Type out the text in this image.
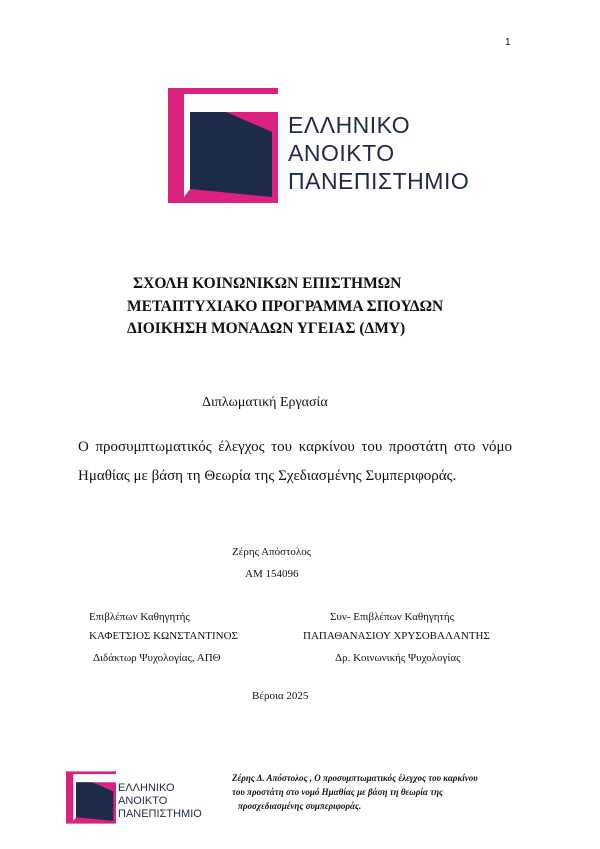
1
ΕΛΛΗΝΙΚΟ
ΑΝΟΙΚΤΟ
ΠΑΝΕΠΙΣΤΗΜΙΟ
ΣΧΟΛΗ ΚΟΙΝΩΝΙΚΩΝ ΕΠΙΣΤΗΜΩΝ
ΜΕΤΑΠΤΥΧΙΑΚΟ ΠΡΟΓΡΑΜΜΑ ΣΠΟΥΔΩΝ
ΔΙΟΙΚΗΣΗ ΜΟΝΑΔΩΝ ΥΓΕΙΑΣ (ΔΜΥ)
Διπλωματική Εργασία
Ο προσυμπτωματικός έλεγχος του καρκίνου του προστάτη στο νόμο Ημαθίας με βάση τη Θεωρία της Σχεδιασμένης Συμπεριφοράς.
Ζέρης Απόστολος
AM 154096
Επιβλέπων Καθηγητής
ΚΑΦΕΤΣΙΟΣ ΚΩΝΣΤΑΝΤΙΝΟΣ
Διδάκτωρ Ψυχολογίας, ΑΠΘ
Συν- Επιβλέπων Καθηγητής
ΠΑΠΑΘΑΝΑΣΙΟΥ ΧΡΥΣΟΒΑΛΑΝΤΗΣ
Δρ. Κοινωνικής Ψυχολογίας
Βέροια 2025
ΕΛΛΗΝΙΚΟ
ΑΝΟΙΚΤΟ
ΠΑΝΕΠΙΣΤΗΜΙΟ
Ζέρης Δ. Απόστολος , Ο προσυμπτωματικός έλεγχος του καρκίνου
του προστάτη στο νομό Ημαθίας με βάση τη θεωρία της
προσχεδιασμένης συμπεριφοράς.
